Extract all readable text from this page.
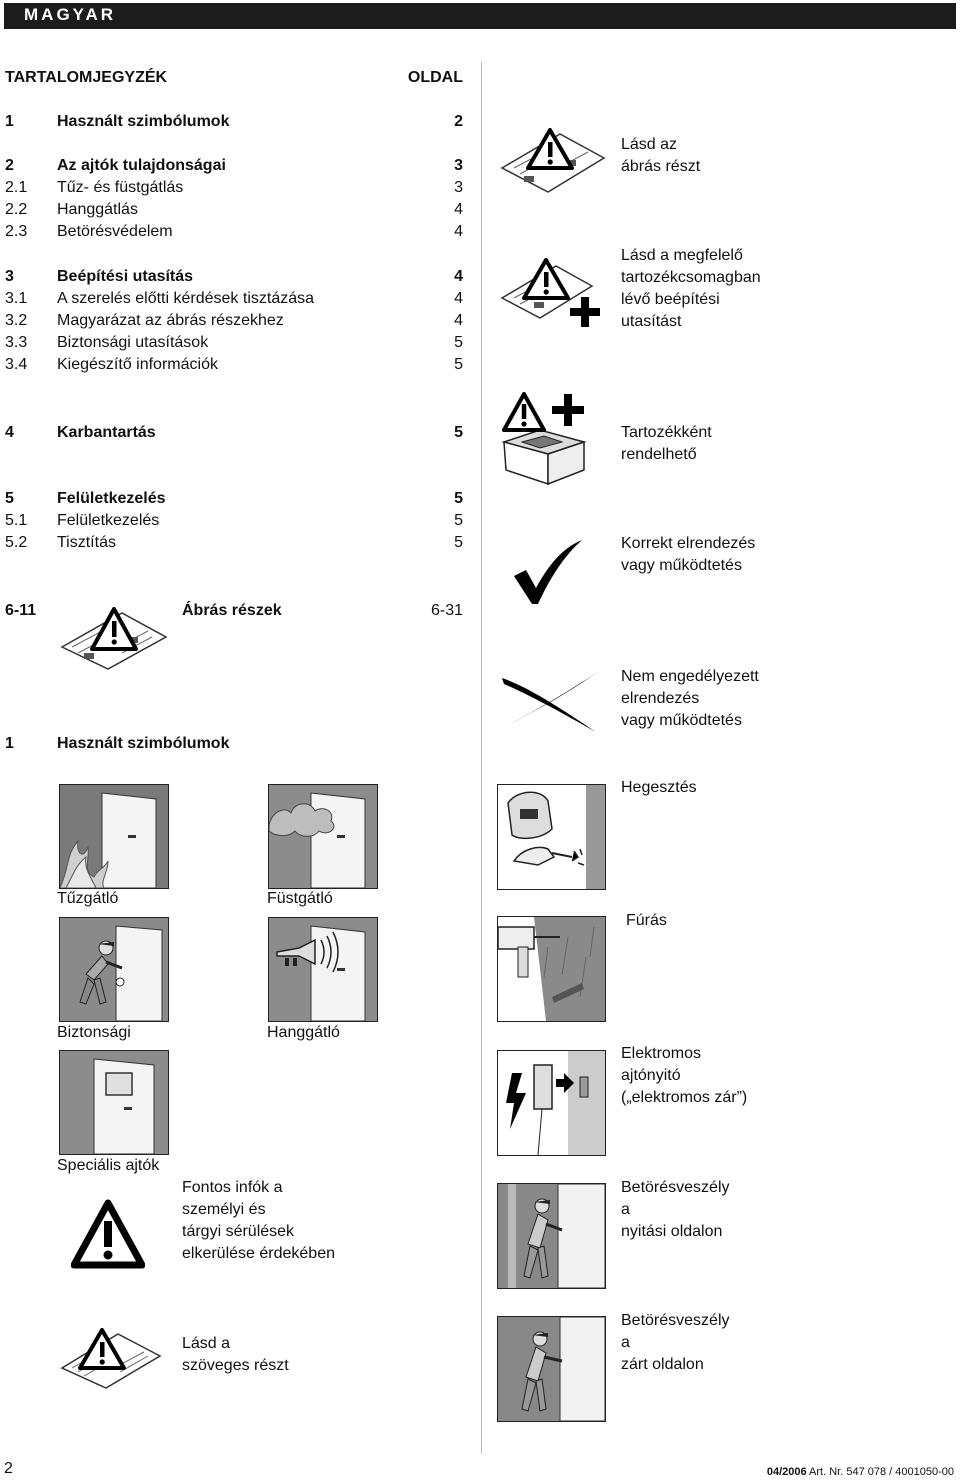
MAGYAR
TARTALOMJEGYZÉK	OLDAL
1	Használt szimbólumok	2
2	Az ajtók tulajdonságai	3
2.1 Tűz- és füstgátlás	3
2.2 Hanggátlás	4
2.3 Betörésvédelem	4
3	Beépítési utasítás	4
3.1 A szerelés előtti kérdések tisztázása	4
3.2 Magyarázat az ábrás részekhez	4
3.3 Biztonsági utasítások	5
3.4 Kiegészítő információk	5
4	Karbantartás	5
5	Felületkezelés	5
5.1 Felületkezelés	5
5.2 Tisztítás	5
6-11	Ábrás részek	6-31
1	Használt szimbólumok
Tűzgátló	Füstgátló
Biztonsági	Hanggátló
Speciális ajtók
Fontos infók a
személyi és
tárgyi sérülések
elkerülése érdekében
Lásd a
szöveges részt
Lásd az
ábrás részt
Lásd a megfelelő
tartozékcsomagban
lévő beépítési
utasítást
Tartozékként
rendelhető
Korrekt elrendezés
vagy működtetés
Nem engedélyezett
elrendezés
vagy működtetés
Hegesztés
Fúrás
Elektromos
ajtónyitó
(„elektromos zár”)
Betörésveszély
a
nyitási oldalon
Betörésveszély
a
zárt oldalon
2	04/2006 Art. Nr. 547 078 / 4001050-00
